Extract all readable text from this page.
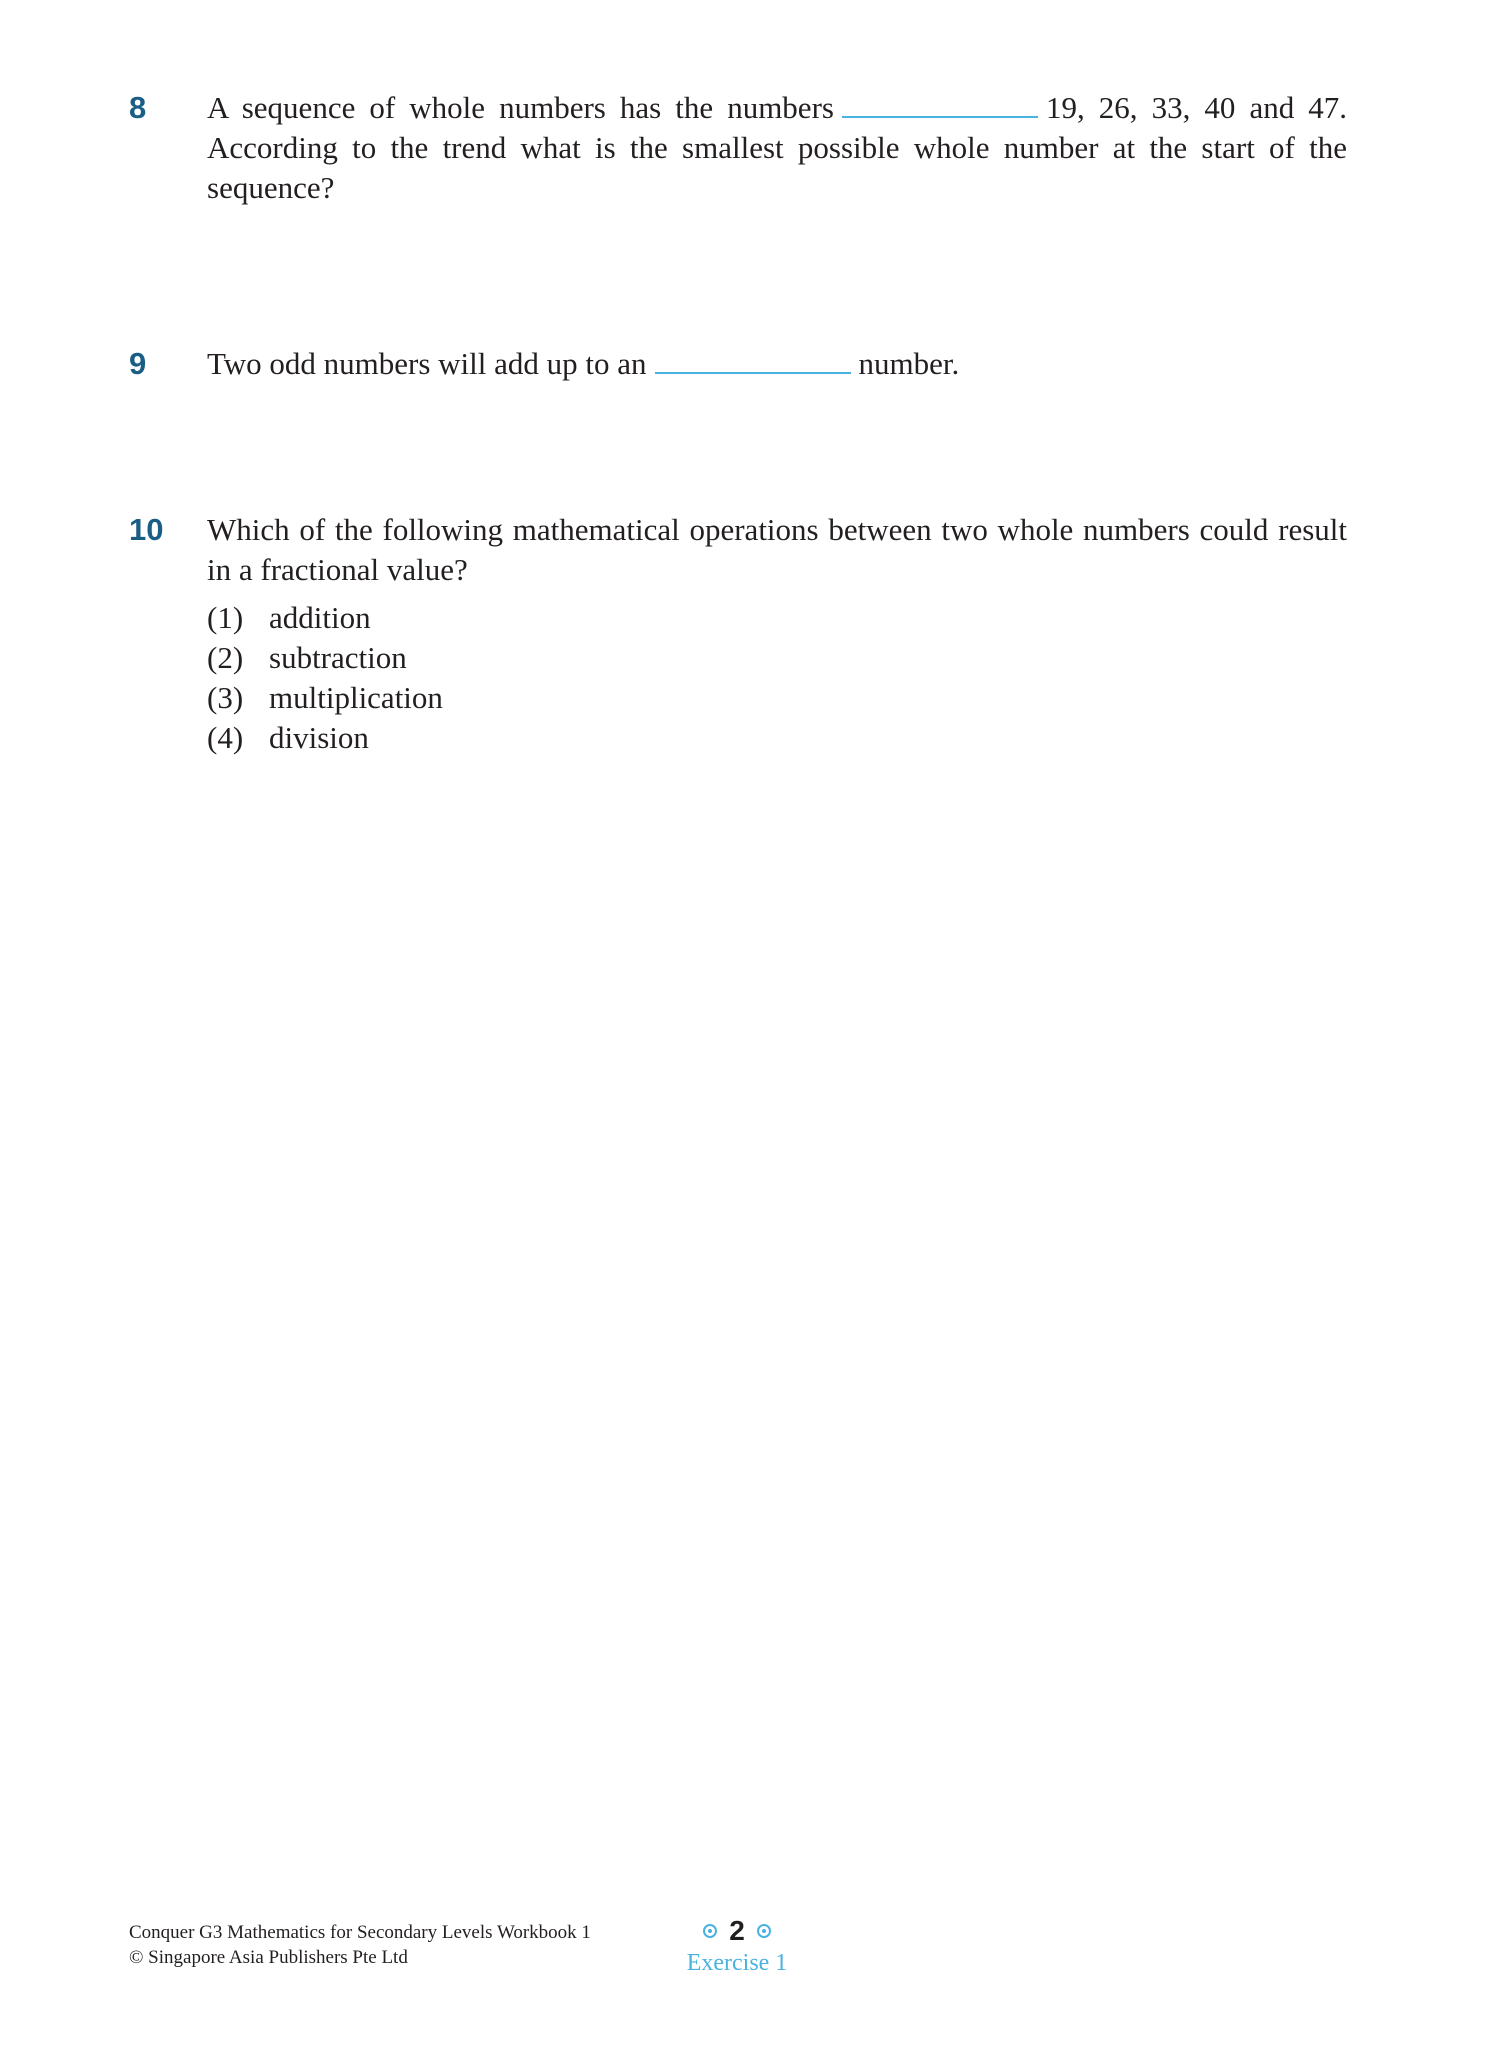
8 A sequence of whole numbers has the numbers	19, 26, 33, 40 and 47. According to the trend what is the smallest possible whole number at the start of the sequence?

9 Two odd numbers will add up to an	number.

10 Which of the following mathematical operations between two whole numbers could result in a fractional value?

(1) addition
(2) subtraction
(3) multiplication
(4) division
Conquer G3 Mathematics for Secondary Levels Workbook 1
© Singapore Asia Publishers Pte Ltd
2
Exercise 1
